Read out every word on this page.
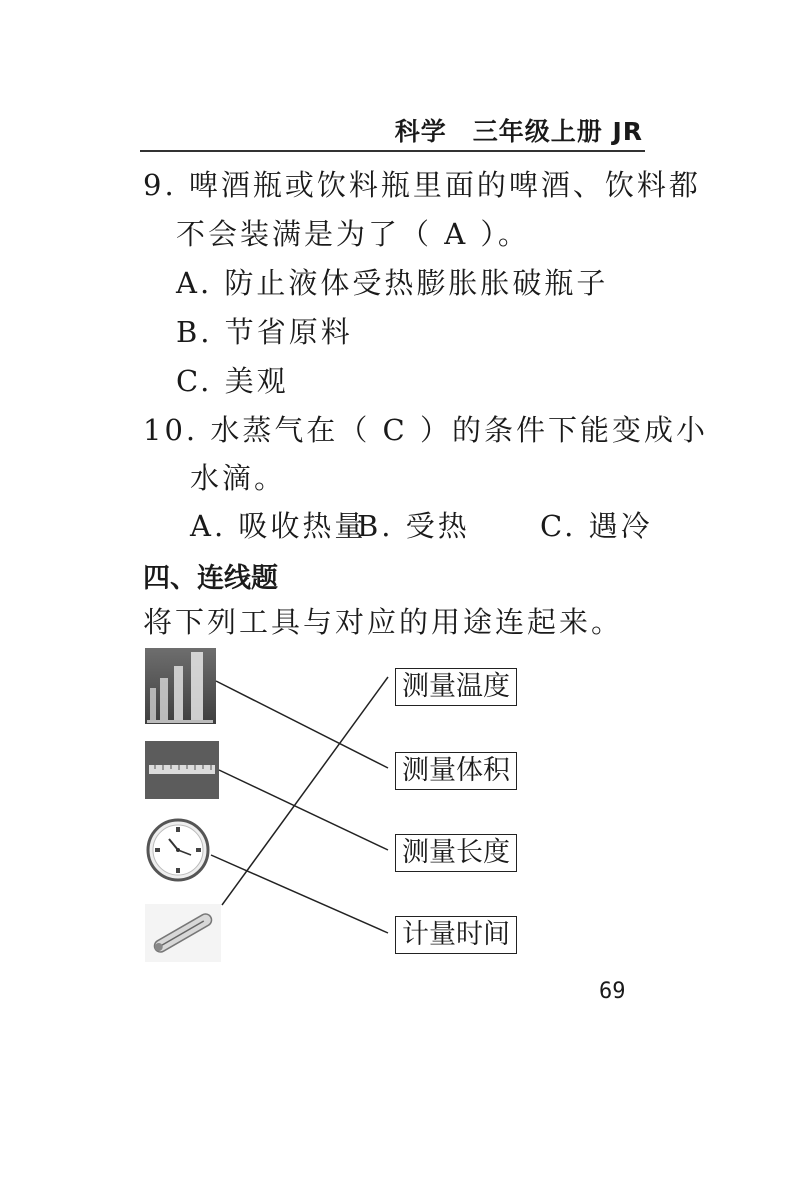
科学　三年级上册 JR
9. 啤酒瓶或饮料瓶里面的啤酒、饮料都
不会装满是为了（ A ）。
A. 防止液体受热膨胀胀破瓶子
B. 节省原料
C. 美观
10. 水蒸气在（ C ）的条件下能变成小
水滴。
A. 吸收热量
B. 受热 C. 遇冷
四、连线题
将下列工具与对应的用途连起来。
测量温度
测量体积
测量长度
计量时间
69
